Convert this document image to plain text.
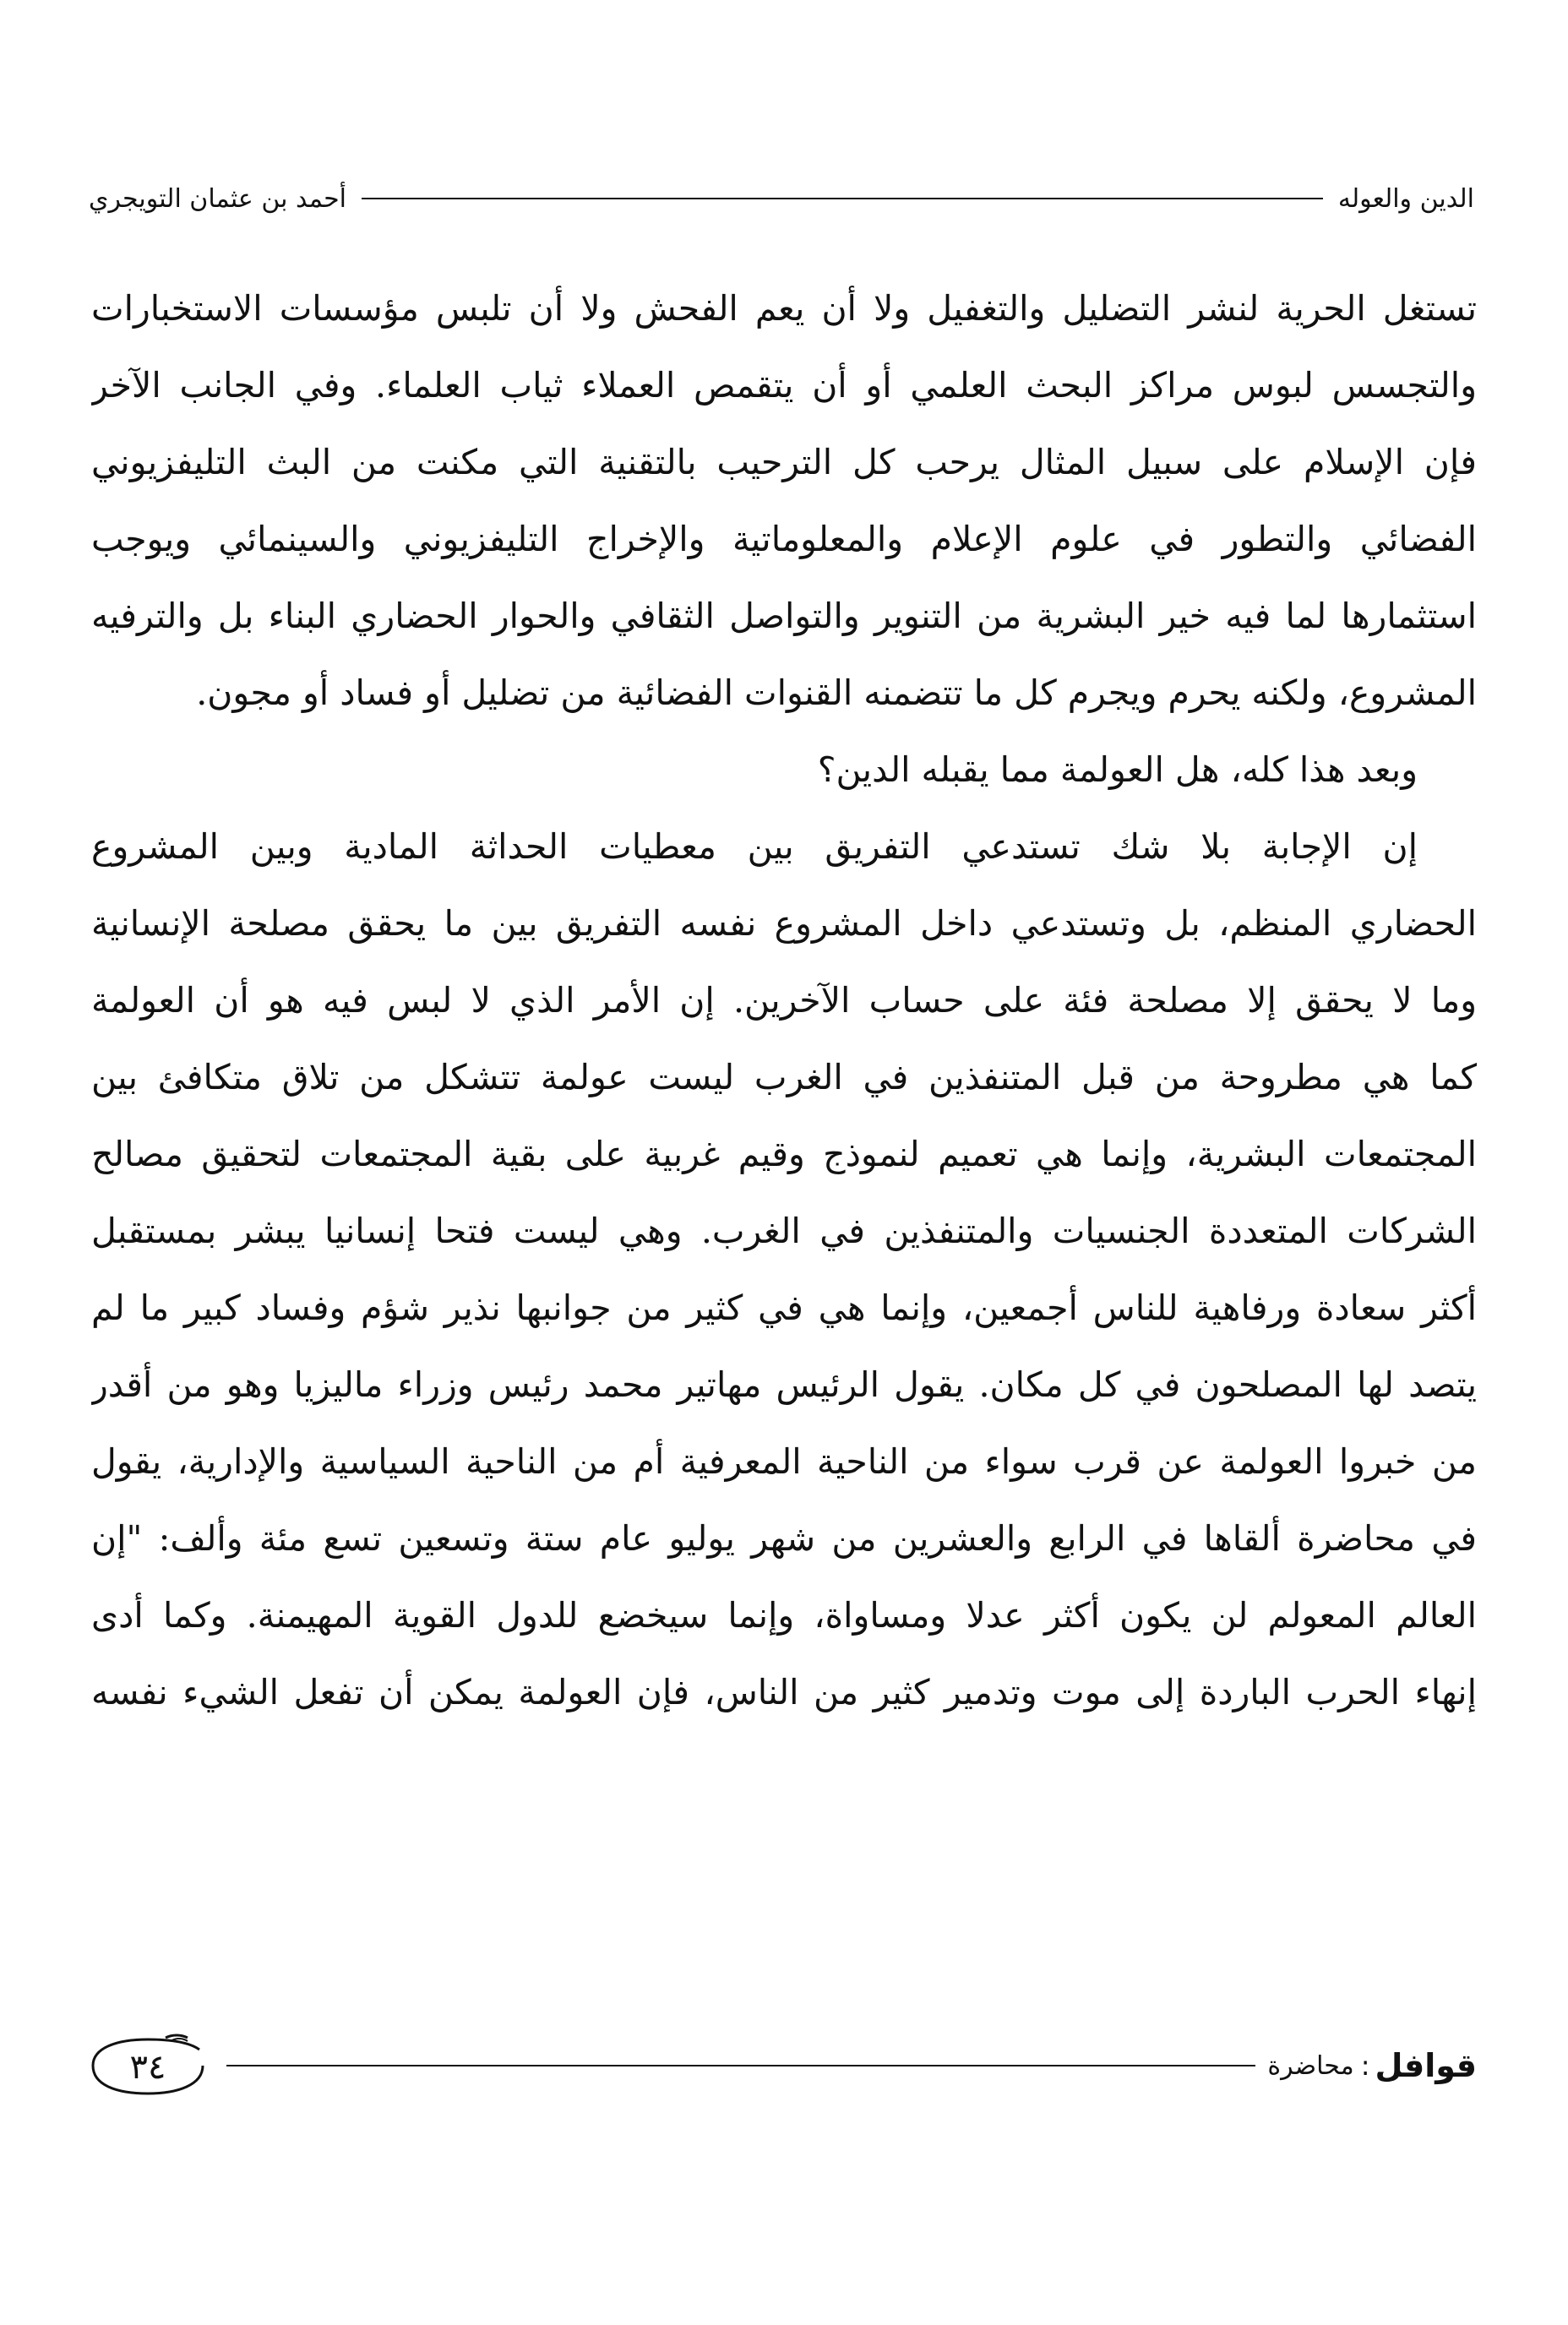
الدين والعوله
أحمد بن عثمان التويجري
تستغل الحرية لنشر التضليل والتغفيل ولا أن يعم الفحش ولا أن تلبس مؤسسات الاستخبارات
والتجسس لبوس مراكز البحث العلمي أو أن يتقمص العملاء ثياب العلماء. وفي الجانب الآخر
فإن الإسلام على سبيل المثال يرحب كل الترحيب بالتقنية التي مكنت من البث التليفزيوني
الفضائي والتطور في علوم الإعلام والمعلوماتية والإخراج التليفزيوني والسينمائي ويوجب
استثمارها لما فيه خير البشرية من التنوير والتواصل الثقافي والحوار الحضاري البناء بل والترفيه
المشروع، ولكنه يحرم ويجرم كل ما تتضمنه القنوات الفضائية من تضليل أو فساد أو مجون.
وبعد هذا كله، هل العولمة مما يقبله الدين؟
إن الإجابة بلا شك تستدعي التفريق بين معطيات الحداثة المادية وبين المشروع
الحضاري المنظم، بل وتستدعي داخل المشروع نفسه التفريق بين ما يحقق مصلحة الإنسانية
وما لا يحقق إلا مصلحة فئة على حساب الآخرين. إن الأمر الذي لا لبس فيه هو أن العولمة
كما هي مطروحة من قبل المتنفذين في الغرب ليست عولمة تتشكل من تلاق متكافئ بين
المجتمعات البشرية، وإنما هي تعميم لنموذج وقيم غربية على بقية المجتمعات لتحقيق مصالح
الشركات المتعددة الجنسيات والمتنفذين في الغرب. وهي ليست فتحا إنسانيا يبشر بمستقبل
أكثر سعادة ورفاهية للناس أجمعين، وإنما هي في كثير من جوانبها نذير شؤم وفساد كبير ما لم
يتصد لها المصلحون في كل مكان. يقول الرئيس مهاتير محمد رئيس وزراء ماليزيا وهو من أقدر
من خبروا العولمة عن قرب سواء من الناحية المعرفية أم من الناحية السياسية والإدارية، يقول
في محاضرة ألقاها في الرابع والعشرين من شهر يوليو عام ستة وتسعين تسع مئة وألف: "إن
العالم المعولم لن يكون أكثر عدلا ومساواة، وإنما سيخضع للدول القوية المهيمنة. وكما أدى
إنهاء الحرب الباردة إلى موت وتدمير كثير من الناس، فإن العولمة يمكن أن تفعل الشيء نفسه
قوافل
:
محاضرة
٣٤
